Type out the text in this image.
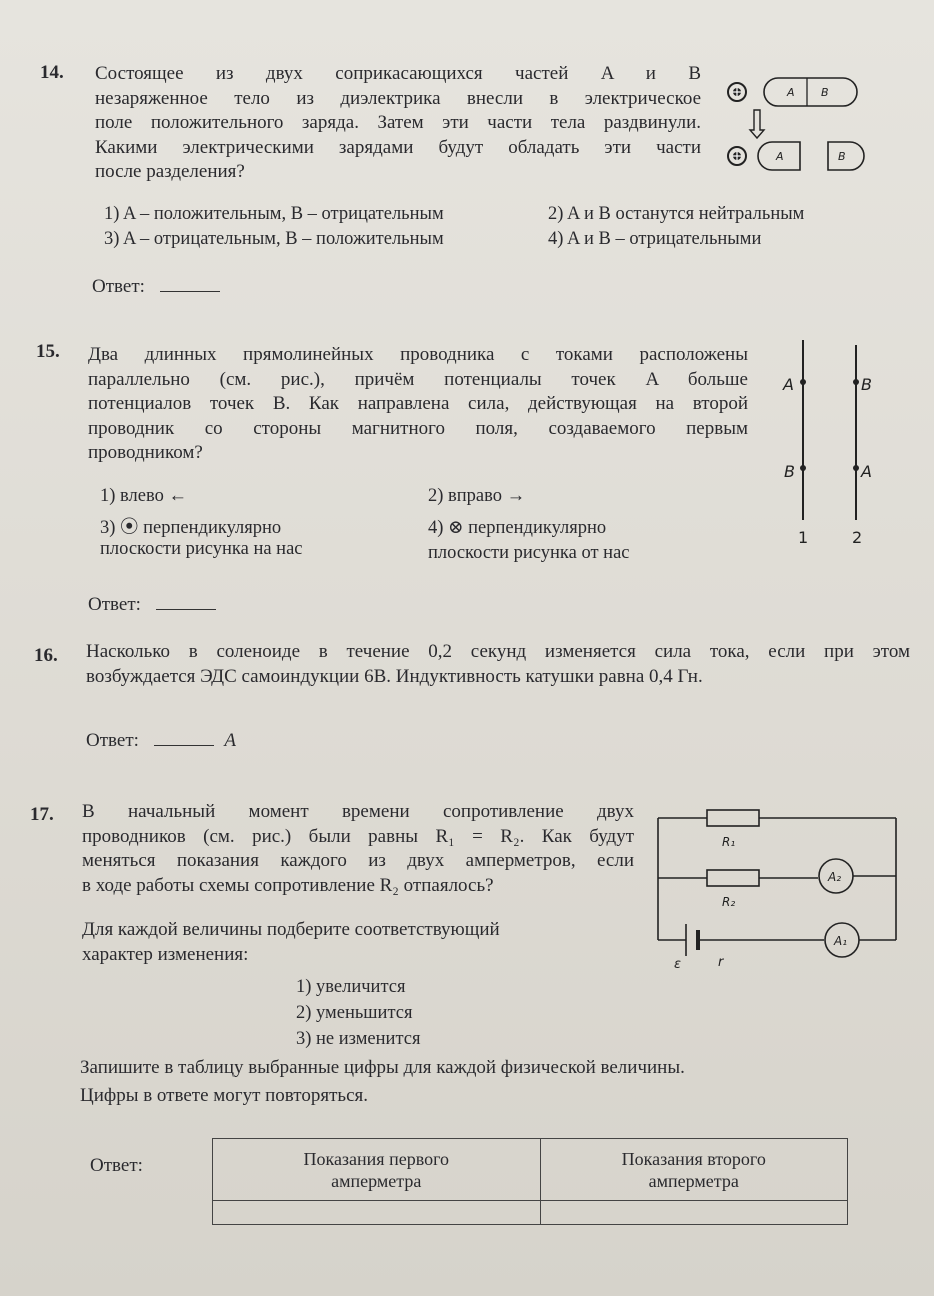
14. Состоящее из двух соприкасающихся частей A и B
незаряженное тело из диэлектрика внесли в электрическое
поле положительного заряда. Затем эти части тела раздвинули.
Какими электрическими зарядами будут обладать эти части
после разделения?
A B
A	B
1) A – положительным, B – отрицательным	2) A и B останутся нейтральным
3) A – отрицательным, B – положительным	4) A и B – отрицательными
Ответ:
15. Два длинных прямолинейных проводника с токами расположены
параллельно (см. рис.), причём потенциалы точек A больше
потенциалов точек B. Как направлена сила, действующая на второй
проводник со стороны магнитного поля, создаваемого первым
проводником?
A
B
B
A
1	2
1) влево ←	2) вправо →
3) ⦿ перпендикулярно
плоскости рисунка на нас
4) ⊗ перпендикулярно
плоскости рисунка от нас
Ответ:
16. Насколько в соленоиде в течение 0,2 секунд изменяется сила тока, если при этом
возбуждается ЭДС самоиндукции 6В. Индуктивность катушки равна 0,4 Гн.
Ответ:	A
17. В начальный момент времени сопротивление двух
проводников (см. рис.) были равны R₁ = R₂. Как будут
меняться показания каждого из двух амперметров, если
в ходе работы схемы сопротивление R₂ отпаялось?
Для каждой величины подберите соответствующий
характер изменения:
1) увеличится
2) уменьшится
3) не изменится
R₁
R₂
A₂
A₁
ε	r
Запишите в таблицу выбранные цифры для каждой физической величины.
Цифры в ответе могут повторяться.
Ответ:	Показания первого амперметра	Показания второго амперметра
